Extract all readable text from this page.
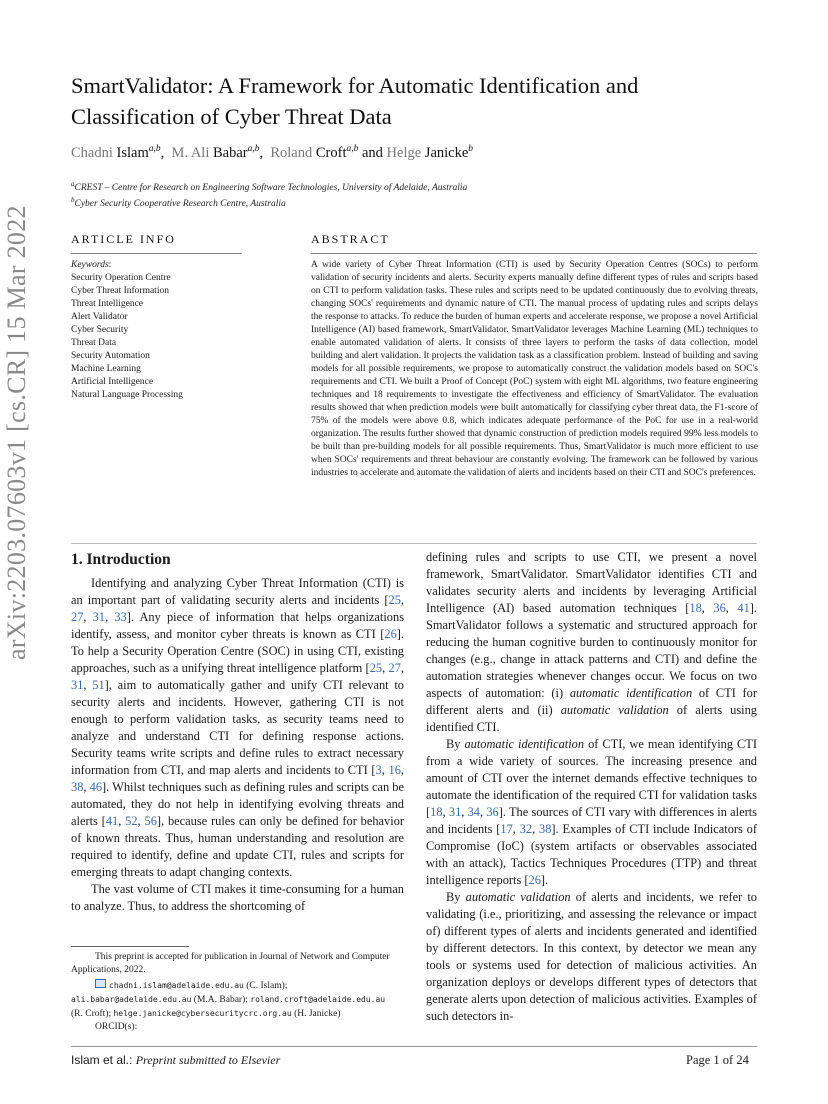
SmartValidator: A Framework for Automatic Identification and Classification of Cyber Threat Data
Chadni Islam$^{a,b}$,  M. Ali Babar$^{a,b}$,  Roland Croft$^{a,b}$ and Helge Janicke$^b$
$^a$CREST – Centre for Research on Engineering Software Technologies, University of Adelaide, Australia
$^b$Cyber Security Cooperative Research Centre, Australia
ARTICLE INFO	ABSTRACT
Keywords:
Security Operation Centre
Cyber Threat Information
Threat Intelligence
Alert Validator
Cyber Security
Threat Data
Security Automation
Machine Learning
Artificial Intelligence
Natural Language Processing
A wide variety of Cyber Threat Information (CTI) is used by Security Operation Centres (SOCs) to perform validation of security incidents and alerts. Security experts manually define different types of rules and scripts based on CTI to perform validation tasks. These rules and scripts need to be updated continuously due to evolving threats, changing SOCs' requirements and dynamic nature of CTI. The manual process of updating rules and scripts delays the response to attacks. To reduce the burden of human experts and accelerate response, we propose a novel Artificial Intelligence (AI) based framework, SmartValidator. SmartValidator leverages Machine Learning (ML) techniques to enable automated validation of alerts. It consists of three layers to perform the tasks of data collection, model building and alert validation. It projects the validation task as a classification problem. Instead of building and saving models for all possible requirements, we propose to automatically construct the validation models based on SOC's requirements and CTI. We built a Proof of Concept (PoC) system with eight ML algorithms, two feature engineering techniques and 18 requirements to investigate the effectiveness and efficiency of SmartValidator. The evaluation results showed that when prediction models were built automatically for classifying cyber threat data, the F1-score of 75% of the models were above 0.8, which indicates adequate performance of the PoC for use in a real-world organization. The results further showed that dynamic construction of prediction models required 99% less models to be built than pre-building models for all possible requirements. Thus, SmartValidator is much more efficient to use when SOCs' requirements and threat behaviour are constantly evolving. The framework can be followed by various industries to accelerate and automate the validation of alerts and incidents based on their CTI and SOC's preferences.
arXiv:2203.07603v1 [cs.CR] 15 Mar 2022	1. Introduction

Identifying and analyzing Cyber Threat Information (CTI) is an important part of validating security alerts and incidents [25, 27, 31, 33]. Any piece of information that helps organizations identify, assess, and monitor cyber threats is known as CTI [26]. To help a Security Operation Centre (SOC) in using CTI, existing approaches, such as a unifying threat intelligence platform [25, 27, 31, 51], aim to automatically gather and unify CTI relevant to security alerts and incidents. However, gathering CTI is not enough to perform validation tasks, as security teams need to analyze and understand CTI for defining response actions. Security teams write scripts and define rules to extract necessary information from CTI, and map alerts and incidents to CTI [3, 16, 38, 46]. Whilst techniques such as defining rules and scripts can be automated, they do not help in identifying evolving threats and alerts [41, 52, 56], because rules can only be defined for behavior of known threats. Thus, human understanding and resolution are required to identify, define and update CTI, rules and scripts for emerging threats to adapt changing contexts.

The vast volume of CTI makes it time-consuming for a human to analyze. Thus, to address the shortcoming of

This preprint is accepted for publication in Journal of Network and Computer Applications, 2022.
chadni.islam@adelaide.edu.au (C. Islam);
ali.babar@adelaide.edu.au (M.A. Babar); roland.croft@adelaide.edu.au
(R. Croft); helge.janicke@cybersecuritycrc.org.au (H. Janicke)
ORCID(s):

defining rules and scripts to use CTI, we present a novel framework, SmartValidator. SmartValidator identifies CTI and validates security alerts and incidents by leveraging Artificial Intelligence (AI) based automation techniques [18, 36, 41]. SmartValidator follows a systematic and structured approach for reducing the human cognitive burden to continuously monitor for changes (e.g., change in attack patterns and CTI) and define the automation strategies whenever changes occur. We focus on two aspects of automation: (i) automatic identification of CTI for different alerts and (ii) automatic validation of alerts using identified CTI.

By automatic identification of CTI, we mean identifying CTI from a wide variety of sources. The increasing presence and amount of CTI over the internet demands effective techniques to automate the identification of the required CTI for validation tasks [18, 31, 34, 36]. The sources of CTI vary with differences in alerts and incidents [17, 32, 38]. Examples of CTI include Indicators of Compromise (IoC) (system artifacts or observables associated with an attack), Tactics Techniques Procedures (TTP) and threat intelligence reports [26].

By automatic validation of alerts and incidents, we refer to validating (i.e., prioritizing, and assessing the relevance or impact of) different types of alerts and incidents generated and identified by different detectors. In this context, by detector we mean any tools or systems used for detection of malicious activities. An organization deploys or develops different types of detectors that generate alerts upon detection of malicious activities. Examples of such detectors in-

Islam et al.: Preprint submitted to Elsevier	Page 1 of 24
